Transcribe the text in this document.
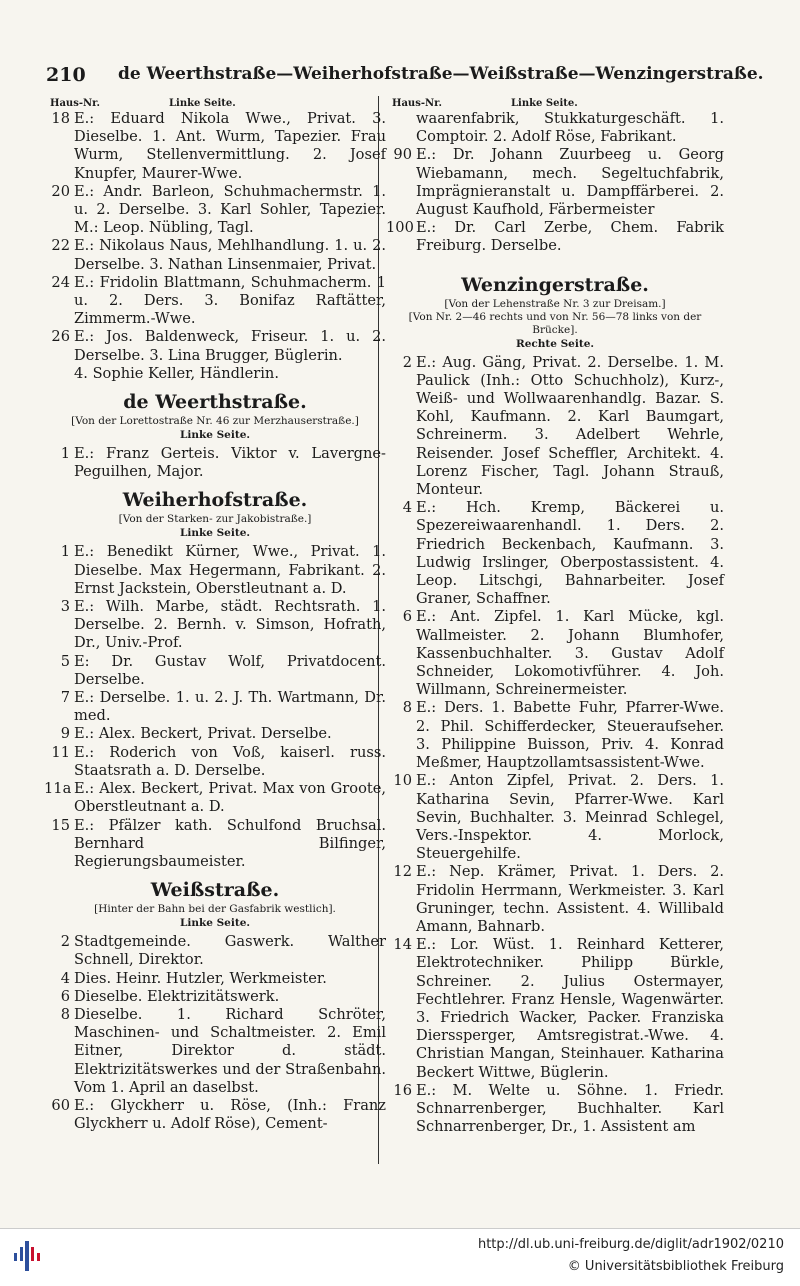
210 de Weerthstraße—Weiherhofstraße—Weißstraße—Wenzingerstraße.
Haus-Nr.	Linke Seite.
18 E.: Eduard Nikola Wwe., Privat. 3. Dieselbe. 1. Ant. Wurm, Tapezier. Frau Wurm, Stellenvermittlung. 2. Josef Knupfer, Maurer-Wwe.
20 E.: Andr. Barleon, Schuhmachermstr. 1. u. 2. Derselbe. 3. Karl Sohler, Tapezier. M.: Leop. Nübling, Tagl.
22 E.: Nikolaus Naus, Mehlhandlung. 1. u. 2. Derselbe. 3. Nathan Linsenmaier, Privat.
24 E.: Fridolin Blattmann, Schuhmacherm. 1 u. 2. Ders. 3. Bonifaz Raftätter, Zimmerm.-Wwe.
26 E.: Jos. Baldenweck, Friseur. 1. u. 2. Derselbe. 3. Lina Brugger, Büglerin.
4. Sophie Keller, Händlerin.
de Weerthstraße.
[Von der Lorettostraße Nr. 46 zur Merzhauserstraße.]
Linke Seite.
1 E.: Franz Gerteis. Viktor v. Lavergne-Peguilhen, Major.
Weiherhofstraße.
[Von der Starken- zur Jakobistraße.]
Linke Seite.
1 E.: Benedikt Kürner, Wwe., Privat. 1. Dieselbe. Max Hegermann, Fabrikant. 2. Ernst Jackstein, Oberstleutnant a. D.
3 E.: Wilh. Marbe, städt. Rechtsrath. 1. Derselbe. 2. Bernh. v. Simson, Hofrath, Dr., Univ.-Prof.
5 E: Dr. Gustav Wolf, Privatdocent. Derselbe.
7 E.: Derselbe. 1. u. 2. J. Th. Wartmann, Dr. med.
9 E.: Alex. Beckert, Privat. Derselbe.
11 E.: Roderich von Voß, kaiserl. russ. Staatsrath a. D. Derselbe.
11a E.: Alex. Beckert, Privat. Max von Groote, Oberstleutnant a. D.
15 E.: Pfälzer kath. Schulfond Bruchsal. Bernhard Bilfinger, Regierungsbaumeister.
Weißstraße.
[Hinter der Bahn bei der Gasfabrik westlich].
Linke Seite.
2 Stadtgemeinde. Gaswerk. Walther Schnell, Direktor.
4 Dies. Heinr. Hutzler, Werkmeister.
6 Dieselbe. Elektrizitätswerk.
8 Dieselbe. 1. Richard Schröter, Maschinen- und Schaltmeister. 2. Emil Eitner, Direktor d. städt. Elektrizitätswerkes und der Straßenbahn. Vom 1. April an daselbst.
60 E.: Glyckherr u. Röse, (Inh.: Franz Glyckherr u. Adolf Röse), Cement-
Haus-Nr.	Linke Seite.
waarenfabrik, Stukkaturgeschäft. 1. Comptoir. 2. Adolf Röse, Fabrikant.
90 E.: Dr. Johann Zuurbeeg u. Georg Wiebamann, mech. Segeltuchfabrik, Imprägnieranstalt u. Dampffärberei. 2. August Kaufhold, Färbermeister
100 E.: Dr. Carl Zerbe, Chem. Fabrik Freiburg. Derselbe.
Wenzingerstraße.
[Von der Lehenstraße Nr. 3 zur Dreisam.]
[Von Nr. 2—46 rechts und von Nr. 56—78 links von der Brücke].
Rechte Seite.
2 E.: Aug. Gäng, Privat. 2. Derselbe. 1. M. Paulick (Inh.: Otto Schuchholz), Kurz-, Weiß- und Wollwaarenhandlg. Bazar. S. Kohl, Kaufmann. 2. Karl Baumgart, Schreinerm. 3. Adelbert Wehrle, Reisender. Josef Scheffler, Architekt. 4. Lorenz Fischer, Tagl. Johann Strauß, Monteur.
4 E.: Hch. Kremp, Bäckerei u. Spezereiwaarenhandl. 1. Ders. 2. Friedrich Beckenbach, Kaufmann. 3. Ludwig Irslinger, Oberpostassistent. 4. Leop. Litschgi, Bahnarbeiter. Josef Graner, Schaffner.
6 E.: Ant. Zipfel. 1. Karl Mücke, kgl. Wallmeister. 2. Johann Blumhofer, Kassenbuchhalter. 3. Gustav Adolf Schneider, Lokomotivführer. 4. Joh. Willmann, Schreinermeister.
8 E.: Ders. 1. Babette Fuhr, Pfarrer-Wwe. 2. Phil. Schifferdecker, Steueraufseher. 3. Philippine Buisson, Priv. 4. Konrad Meßmer, Hauptzollamtsassistent-Wwe.
10 E.: Anton Zipfel, Privat. 2. Ders. 1. Katharina Sevin, Pfarrer-Wwe. Karl Sevin, Buchhalter. 3. Meinrad Schlegel, Vers.-Inspektor. 4. Morlock, Steuergehilfe.
12 E.: Nep. Krämer, Privat. 1. Ders. 2. Fridolin Herrmann, Werkmeister. 3. Karl Gruninger, techn. Assistent. 4. Willibald Amann, Bahnarb.
14 E.: Lor. Wüst. 1. Reinhard Ketterer, Elektrotechniker. Philipp Bürkle, Schreiner. 2. Julius Ostermayer, Fechtlehrer. Franz Hensle, Wagenwärter. 3. Friedrich Wacker, Packer. Franziska Dierssperger, Amtsregistrat.-Wwe. 4. Christian Mangan, Steinhauer. Katharina Beckert Wittwe, Büglerin.
16 E.: M. Welte u. Söhne. 1. Friedr. Schnarrenberger, Buchhalter. Karl Schnarrenberger, Dr., 1. Assistent am
http://dl.ub.uni-freiburg.de/diglit/adr1902/0210
© Universitätsbibliothek Freiburg
